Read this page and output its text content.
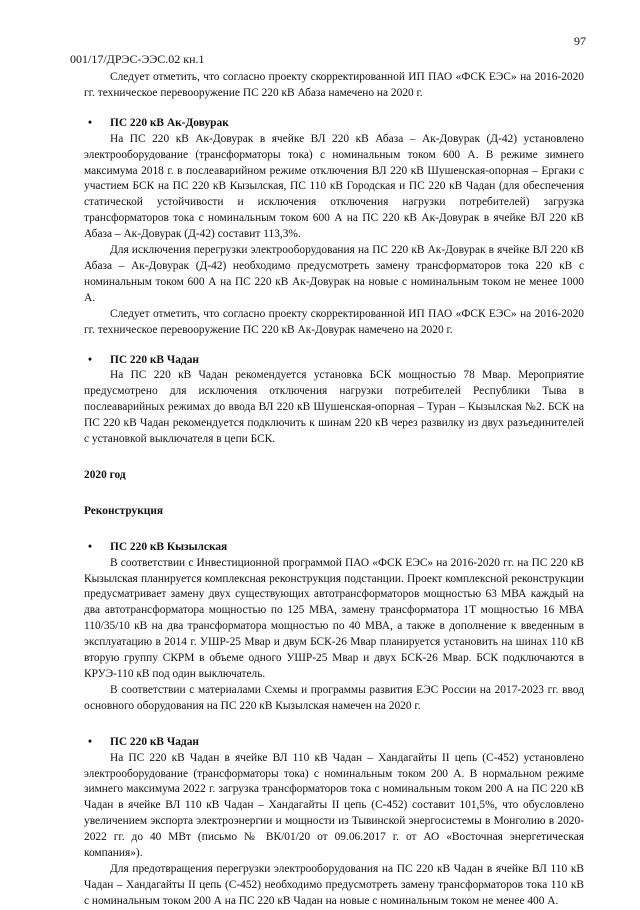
97
001/17/ДРЭС-ЭЭС.02 кн.1

Следует отметить, что согласно проекту скорректированной ИП ПАО «ФСК ЕЭС» на 2016-2020 гг. техническое перевооружение ПС 220 кВ Абаза намечено на 2020 г.

• ПС 220 кВ Ак-Довурак

На ПС 220 кВ Ак-Довурак в ячейке ВЛ 220 кВ Абаза – Ак-Довурак (Д-42) установлено электрооборудование (трансформаторы тока) с номинальным током 600 А. В режиме зимнего максимума 2018 г. в послеаварийном режиме отключения ВЛ 220 кВ Шушенская-опорная – Ергаки с участием БСК на ПС 220 кВ Кызылская, ПС 110 кВ Городская и ПС 220 кВ Чадан (для обеспечения статической устойчивости и исключения отключения нагрузки потребителей) загрузка трансформаторов тока с номинальным током 600 А на ПС 220 кВ Ак-Довурак в ячейке ВЛ 220 кВ Абаза – Ак-Довурак (Д-42) составит 113,3%.

Для исключения перегрузки электрооборудования на ПС 220 кВ Ак-Довурак в ячейке ВЛ 220 кВ Абаза – Ак-Довурак (Д-42) необходимо предусмотреть замену трансформаторов тока 220 кВ с номинальным током 600 А на ПС 220 кВ Ак-Довурак на новые с номинальным током не менее 1000 А.

Следует отметить, что согласно проекту скорректированной ИП ПАО «ФСК ЕЭС» на 2016-2020 гг. техническое перевооружение ПС 220 кВ Ак-Довурак намечено на 2020 г.

• ПС 220 кВ Чадан

На ПС 220 кВ Чадан рекомендуется установка БСК мощностью 78 Мвар. Мероприятие предусмотрено для исключения отключения нагрузки потребителей Республики Тыва в послеаварийных режимах до ввода ВЛ 220 кВ Шушенская-опорная – Туран – Кызылская №2. БСК на ПС 220 кВ Чадан рекомендуется подключить к шинам 220 кВ через развилку из двух разъединителей с установкой выключателя в цепи БСК.

2020 год

Реконструкция

• ПС 220 кВ Кызылская

В соответствии с Инвестиционной программой ПАО «ФСК ЕЭС» на 2016-2020 гг. на ПС 220 кВ Кызылская планируется комплексная реконструкция подстанции. Проект комплексной реконструкции предусматривает замену двух существующих автотрансформаторов мощностью 63 МВА каждый на два автотрансформатора мощностью по 125 МВА, замену трансформатора 1Т мощностью 16 МВА 110/35/10 кВ на два трансформатора мощностью по 40 МВА, а также в дополнение к введенным в эксплуатацию в 2014 г. УШР-25 Мвар и двум БСК-26 Мвар планируется установить на шинах 110 кВ вторую группу СКРМ в объеме одного УШР-25 Мвар и двух БСК-26 Мвар. БСК подключаются в КРУЭ-110 кВ под один выключатель.

В соответствии с материалами Схемы и программы развития ЕЭС России на 2017-2023 гг. ввод основного оборудования на ПС 220 кВ Кызылская намечен на 2020 г.

• ПС 220 кВ Чадан

На ПС 220 кВ Чадан в ячейке ВЛ 110 кВ Чадан – Хандагайты II цепь (С-452) установлено электрооборудование (трансформаторы тока) с номинальным током 200 А. В нормальном режиме зимнего максимума 2022 г. загрузка трансформаторов тока с номинальным током 200 А на ПС 220 кВ Чадан в ячейке ВЛ 110 кВ Чадан – Хандагайты II цепь (С-452) составит 101,5%, что обусловлено увеличением экспорта электроэнергии и мощности из Тывинской энергосистемы в Монголию в 2020-2022 гг. до 40 МВт (письмо № ВК/01/20 от 09.06.2017 г. от АО «Восточная энергетическая компания»).

Для предотвращения перегрузки электрооборудования на ПС 220 кВ Чадан в ячейке ВЛ 110 кВ Чадан – Хандагайты II цепь (С-452) необходимо предусмотреть замену трансформаторов тока 110 кВ с номинальным током 200 А на ПС 220 кВ Чадан на новые с номинальным током не менее 400 А.
